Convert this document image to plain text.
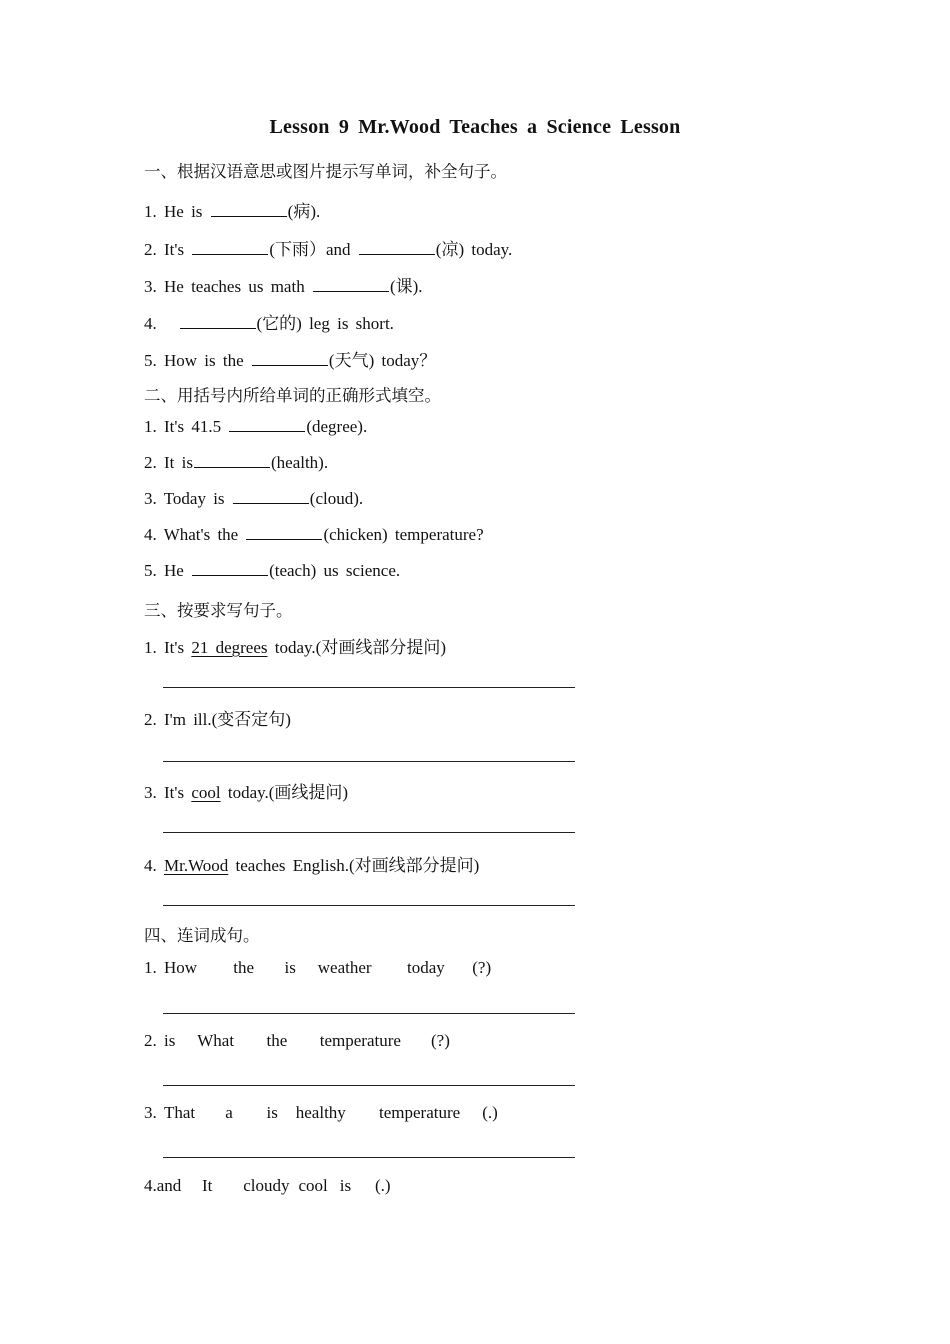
Lesson 9 Mr.Wood Teaches a Science Lesson
一、根据汉语意思或图片提示写单词，补全句子。
1. He is	(病).
2. It's	(下雨）and	(凉) today.
3. He teaches us math	(课).
4.	(它的) leg is short.
5. How is the	(天气) today？
二、用括号内所给单词的正确形式填空。
1. It's 41.5	(degree).
2. It is	(health).
3. Today is	(cloud).
4. What's the	(chicken) temperature?
5. He	(teach) us science.
三、按要求写句子。
1. It's 21 degrees today.(对画线部分提问)
2. I'm ill.(变否定句)
3. It's cool today.(画线提问)
4. Mr.Wood teaches English.(对画线部分提问)
四、连词成句。
1. How the is weather today (?)
2. is What the temperature (?)
3. That a is healthy temperature (.)
4.and It cloudy cool is (.)
